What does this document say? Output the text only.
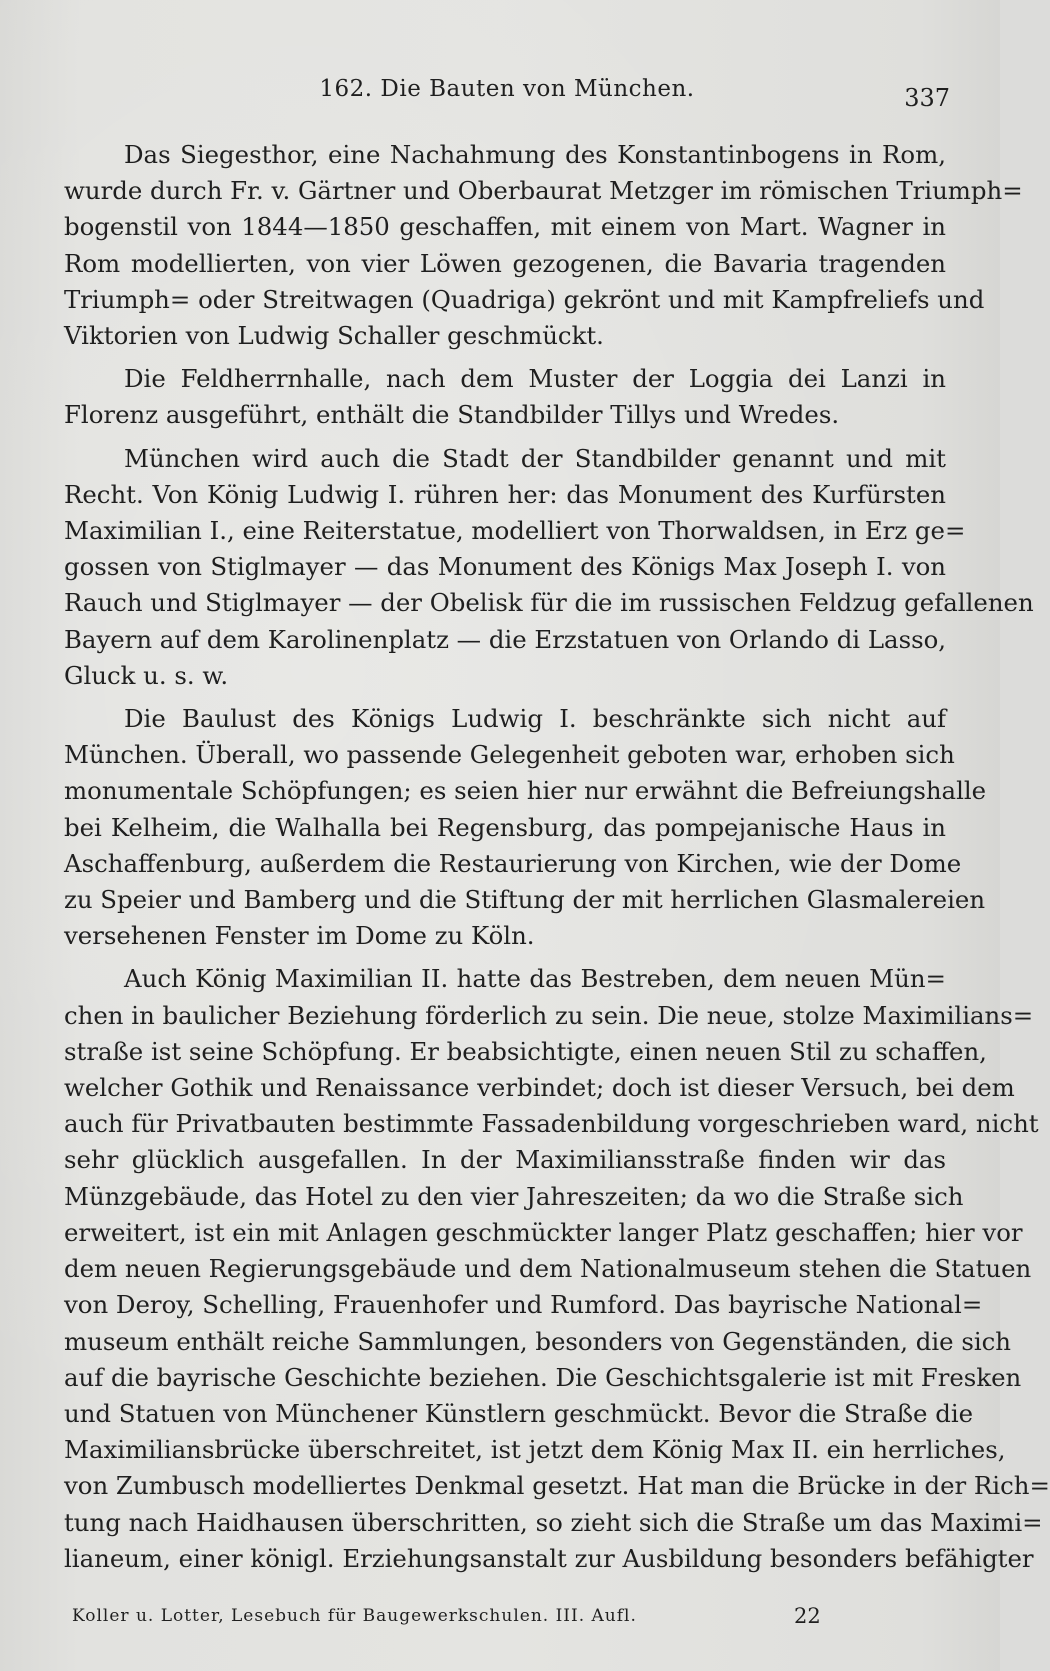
162. Die Bauten von München.	337

Das Siegesthor, eine Nachahmung des Konstantinbogens in Rom,
wurde durch Fr. v. Gärtner und Oberbaurat Metzger im römischen Triumph=
bogenstil von 1844—1850 geschaffen, mit einem von Mart. Wagner in
Rom modellierten, von vier Löwen gezogenen, die Bavaria tragenden
Triumph= oder Streitwagen (Quadriga) gekrönt und mit Kampfreliefs und
Viktorien von Ludwig Schaller geschmückt.

Die Feldherrnhalle, nach dem Muster der Loggia dei Lanzi in
Florenz ausgeführt, enthält die Standbilder Tillys und Wredes.

München wird auch die Stadt der Standbilder genannt und mit
Recht. Von König Ludwig I. rühren her: das Monument des Kurfürsten
Maximilian I., eine Reiterstatue, modelliert von Thorwaldsen, in Erz ge=
gossen von Stiglmayer — das Monument des Königs Max Joseph I. von
Rauch und Stiglmayer — der Obelisk für die im russischen Feldzug gefallenen
Bayern auf dem Karolinenplatz — die Erzstatuen von Orlando di Lasso,
Gluck u. s. w.

Die Baulust des Königs Ludwig I. beschränkte sich nicht auf
München. Überall, wo passende Gelegenheit geboten war, erhoben sich
monumentale Schöpfungen; es seien hier nur erwähnt die Befreiungshalle
bei Kelheim, die Walhalla bei Regensburg, das pompejanische Haus in
Aschaffenburg, außerdem die Restaurierung von Kirchen, wie der Dome
zu Speier und Bamberg und die Stiftung der mit herrlichen Glasmalereien
versehenen Fenster im Dome zu Köln.

Auch König Maximilian II. hatte das Bestreben, dem neuen Mün=
chen in baulicher Beziehung förderlich zu sein. Die neue, stolze Maximilians=
straße ist seine Schöpfung. Er beabsichtigte, einen neuen Stil zu schaffen,
welcher Gothik und Renaissance verbindet; doch ist dieser Versuch, bei dem
auch für Privatbauten bestimmte Fassadenbildung vorgeschrieben ward, nicht
sehr glücklich ausgefallen. In der Maximiliansstraße finden wir das
Münzgebäude, das Hotel zu den vier Jahreszeiten; da wo die Straße sich
erweitert, ist ein mit Anlagen geschmückter langer Platz geschaffen; hier vor
dem neuen Regierungsgebäude und dem Nationalmuseum stehen die Statuen
von Deroy, Schelling, Frauenhofer und Rumford. Das bayrische National=
museum enthält reiche Sammlungen, besonders von Gegenständen, die sich
auf die bayrische Geschichte beziehen. Die Geschichtsgalerie ist mit Fresken
und Statuen von Münchener Künstlern geschmückt. Bevor die Straße die
Maximiliansbrücke überschreitet, ist jetzt dem König Max II. ein herrliches,
von Zumbusch modelliertes Denkmal gesetzt. Hat man die Brücke in der Rich=
tung nach Haidhausen überschritten, so zieht sich die Straße um das Maximi=
lianeum, einer königl. Erziehungsanstalt zur Ausbildung besonders befähigter

Koller u. Lotter, Lesebuch für Baugewerkschulen. III. Aufl.	22
